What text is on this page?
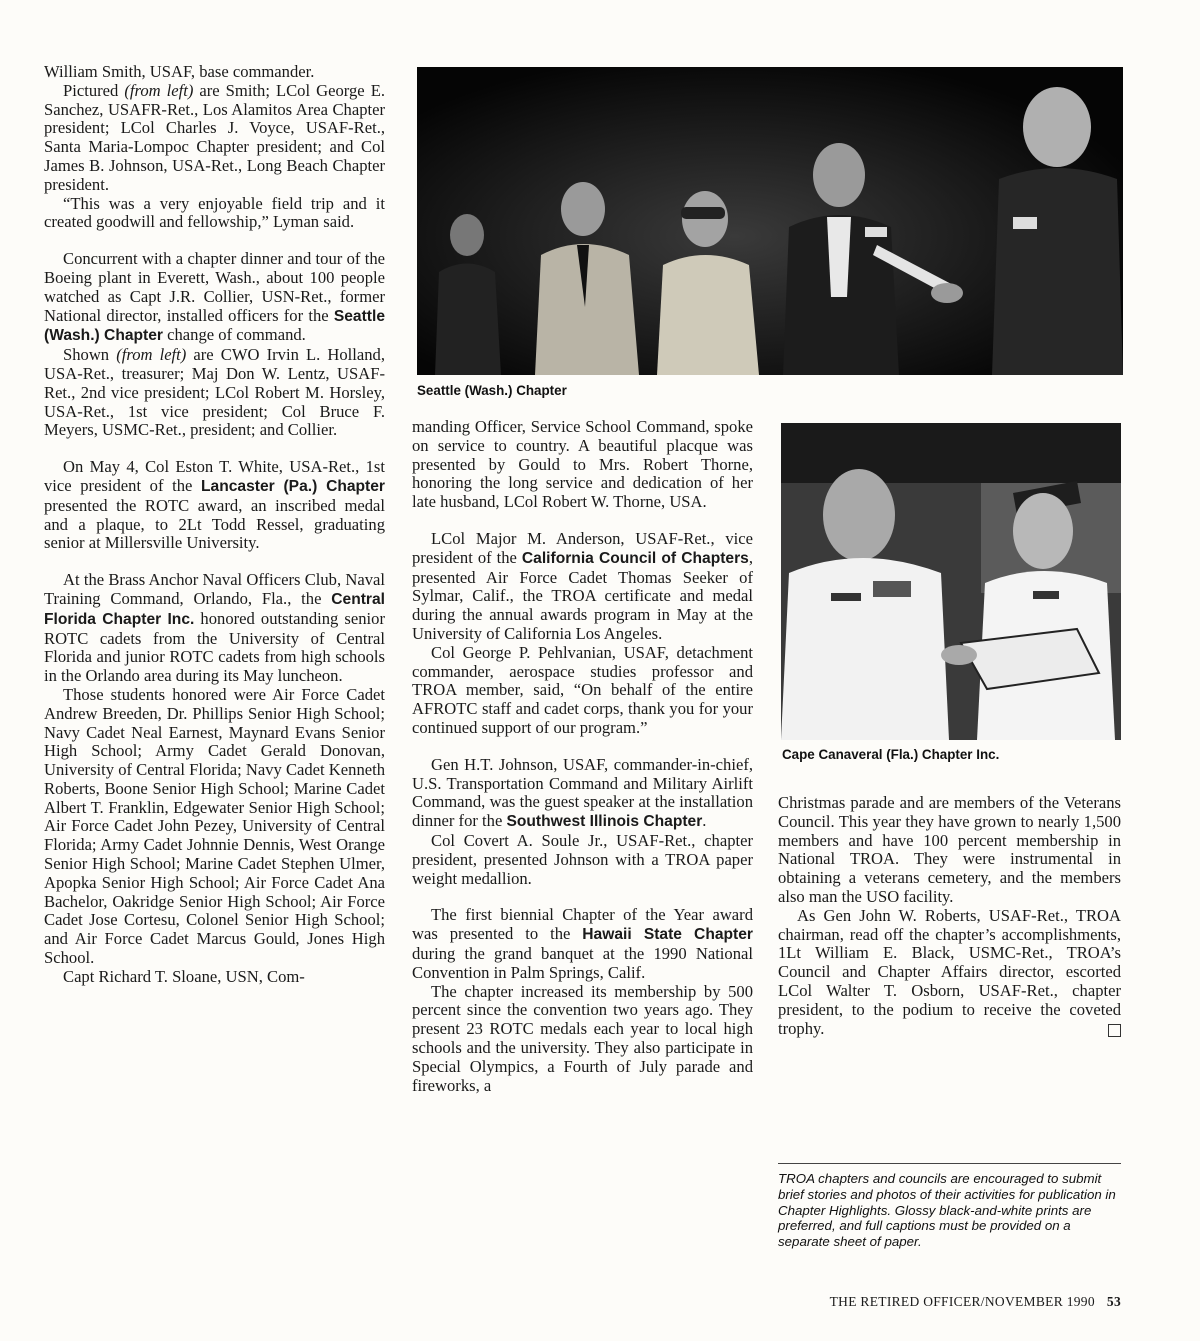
William Smith, USAF, base commander.

Pictured (from left) are Smith; LCol George E. Sanchez, USAFR-Ret., Los Alamitos Area Chapter president; LCol Charles J. Voyce, USAF-Ret., Santa Maria-Lompoc Chapter president; and Col James B. Johnson, USA-Ret., Long Beach Chapter president.

“This was a very enjoyable field trip and it created goodwill and fellowship,” Lyman said.

Concurrent with a chapter dinner and tour of the Boeing plant in Everett, Wash., about 100 people watched as Capt J.R. Collier, USN-Ret., former National director, installed officers for the Seattle (Wash.) Chapter change of command.

Shown (from left) are CWO Irvin L. Holland, USA-Ret., treasurer; Maj Don W. Lentz, USAF-Ret., 2nd vice president; LCol Robert M. Horsley, USA-Ret., 1st vice president; Col Bruce F. Meyers, USMC-Ret., president; and Collier.

On May 4, Col Eston T. White, USA-Ret., 1st vice president of the Lancaster (Pa.) Chapter presented the ROTC award, an inscribed medal and a plaque, to 2Lt Todd Ressel, graduating senior at Millersville University.

At the Brass Anchor Naval Officers Club, Naval Training Command, Orlando, Fla., the Central Florida Chapter Inc. honored outstanding senior ROTC cadets from the University of Central Florida and junior ROTC cadets from high schools in the Orlando area during its May luncheon.

Those students honored were Air Force Cadet Andrew Breeden, Dr. Phillips Senior High School; Navy Cadet Neal Earnest, Maynard Evans Senior High School; Army Cadet Gerald Donovan, University of Central Florida; Navy Cadet Kenneth Roberts, Boone Senior High School; Marine Cadet Albert T. Franklin, Edgewater Senior High School; Air Force Cadet John Pezey, University of Central Florida; Army Cadet Johnnie Dennis, West Orange Senior High School; Marine Cadet Stephen Ulmer, Apopka Senior High School; Air Force Cadet Ana Bachelor, Oakridge Senior High School; Air Force Cadet Jose Cortesu, Colonel Senior High School; and Air Force Cadet Marcus Gould, Jones High School.

Capt Richard T. Sloane, USN, Com-

Seattle (Wash.) Chapter

manding Officer, Service School Command, spoke on service to country. A beautiful placque was presented by Gould to Mrs. Robert Thorne, honoring the long service and dedication of her late husband, LCol Robert W. Thorne, USA.

LCol Major M. Anderson, USAF-Ret., vice president of the California Council of Chapters, presented Air Force Cadet Thomas Seeker of Sylmar, Calif., the TROA certificate and medal during the annual awards program in May at the University of California Los Angeles.

Col George P. Pehlvanian, USAF, detachment commander, aerospace studies professor and TROA member, said, “On behalf of the entire AFROTC staff and cadet corps, thank you for your continued support of our program.”

Gen H.T. Johnson, USAF, commander-in-chief, U.S. Transportation Command and Military Airlift Command, was the guest speaker at the installation dinner for the Southwest Illinois Chapter.

Col Covert A. Soule Jr., USAF-Ret., chapter president, presented Johnson with a TROA paper weight medallion.

The first biennial Chapter of the Year award was presented to the Hawaii State Chapter during the grand banquet at the 1990 National Convention in Palm Springs, Calif.

The chapter increased its membership by 500 percent since the convention two years ago. They present 23 ROTC medals each year to local high schools and the university. They also participate in Special Olympics, a Fourth of July parade and fireworks, a

Cape Canaveral (Fla.) Chapter Inc.

Christmas parade and are members of the Veterans Council. This year they have grown to nearly 1,500 members and have 100 percent membership in National TROA. They were instrumental in obtaining a veterans cemetery, and the members also man the USO facility.

As Gen John W. Roberts, USAF-Ret., TROA chairman, read off the chapter’s accomplishments, 1Lt William E. Black, USMC-Ret., TROA’s Council and Chapter Affairs director, escorted LCol Walter T. Osborn, USAF-Ret., chapter president, to the podium to receive the coveted trophy.

TROA chapters and councils are encouraged to submit brief stories and photos of their activities for publication in Chapter Highlights. Glossy black-and-white prints are preferred, and full captions must be provided on a separate sheet of paper.
THE RETIRED OFFICER/NOVEMBER 1990 53
